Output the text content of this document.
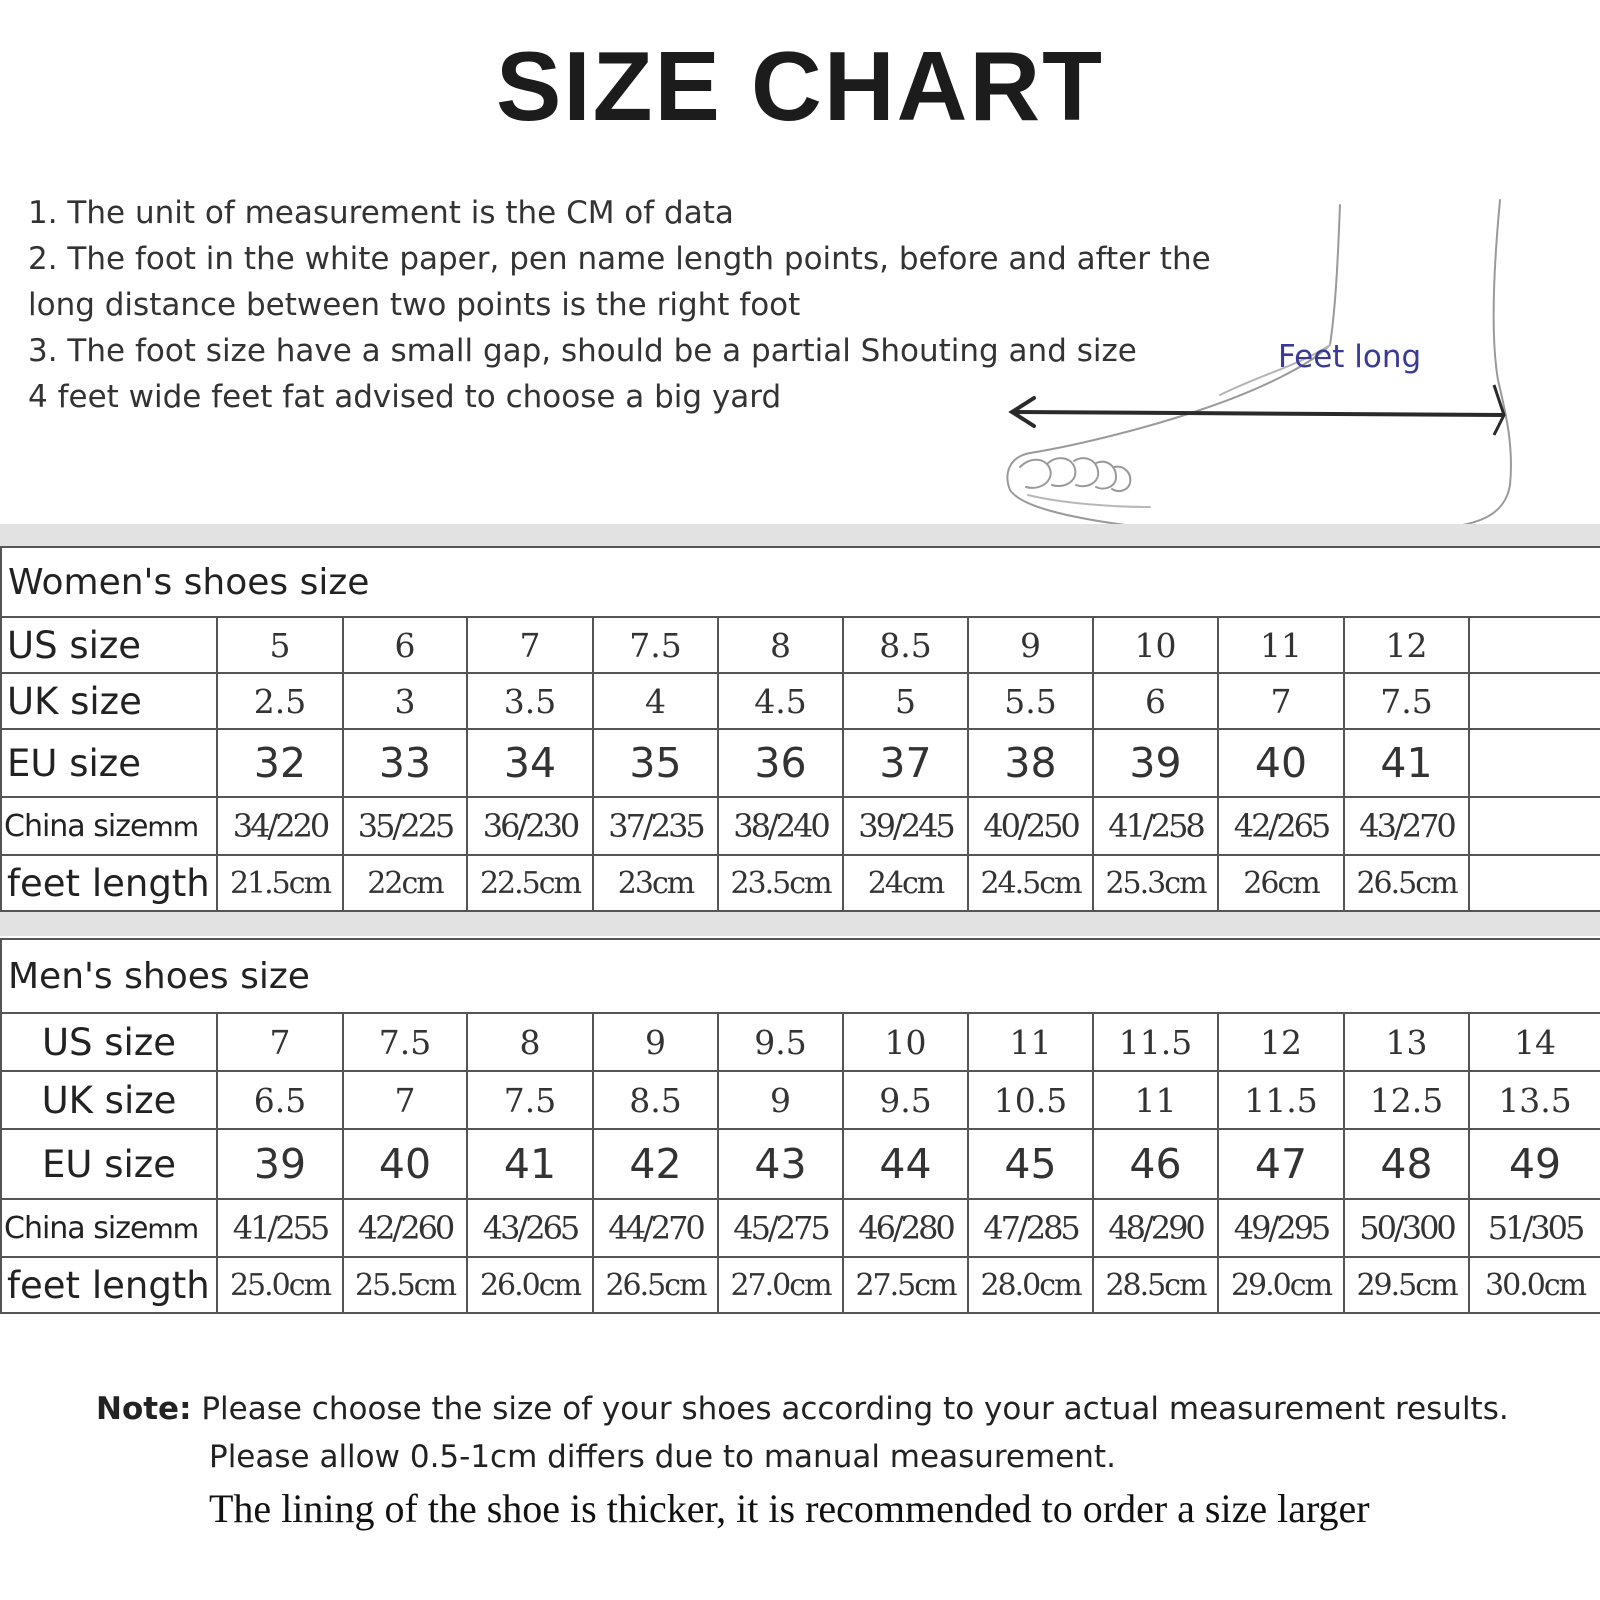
SIZE CHART
1. The unit of measurement is the CM of data
2. The foot in the white paper, pen name length points, before and after the
long distance between two points is the right foot
3. The foot size have a small gap, should be a partial Shouting and size
4 feet wide feet fat advised to choose a big yard
Feet long
Women's shoes size											
US size	5	6	7	7.5	8	8.5	9	10	11	12	
UK size	2.5	3	3.5	4	4.5	5	5.5	6	7	7.5	
EU size	32	33	34	35	36	37	38	39	40	41	
China sizemm	34/220	35/225	36/230	37/235	38/240	39/245	40/250	41/258	42/265	43/270	
feet length	21.5cm	22cm	22.5cm	23cm	23.5cm	24cm	24.5cm	25.3cm	26cm	26.5cm	
Men's shoes size											
US size	7	7.5	8	9	9.5	10	11	11.5	12	13	14
UK size	6.5	7	7.5	8.5	9	9.5	10.5	11	11.5	12.5	13.5
EU size	39	40	41	42	43	44	45	46	47	48	49
China sizemm	41/255	42/260	43/265	44/270	45/275	46/280	47/285	48/290	49/295	50/300	51/305
feet length	25.0cm	25.5cm	26.0cm	26.5cm	27.0cm	27.5cm	28.0cm	28.5cm	29.0cm	29.5cm	30.0cm
Note: Please choose the size of your shoes according to your actual measurement results.
Please allow 0.5-1cm differs due to manual measurement.
The lining of the shoe is thicker, it is recommended to order a size larger
